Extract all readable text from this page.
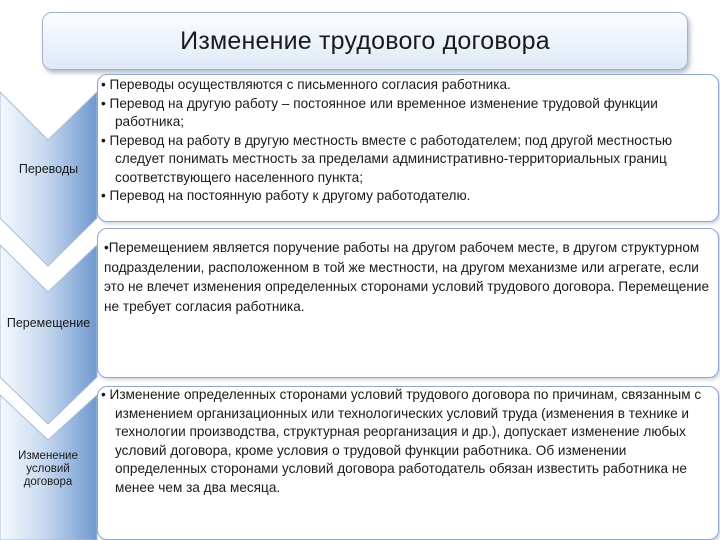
Изменение трудового договора
Переводы
Перемещение
Изменение условий договора

• Переводы осуществляются с письменного согласия работника.

• Перевод на другую работу – постоянное или временное изменение трудовой функции работника;

• Перевод на работу в другую местность вместе с работодателем; под другой местностью следует понимать местность за пределами административно-территориальных границ соответствующего населенного пункта;

• Перевод на постоянную работу к другому работодателю.

•Перемещением является поручение работы на другом рабочем месте, в другом структурном подразделении, расположенном в той же местности, на другом механизме или агрегате, если это не влечет изменения определенных сторонами условий трудового договора. Перемещение не требует согласия работника.

• Изменение определенных сторонами условий трудового договора по причинам, связанным с изменением организационных или технологических условий труда (изменения в технике и технологии производства, структурная реорганизация и др.), допускает изменение любых условий договора, кроме условия о трудовой функции работника. Об изменении определенных сторонами условий договора работодатель обязан известить работника не менее чем за два месяца.
